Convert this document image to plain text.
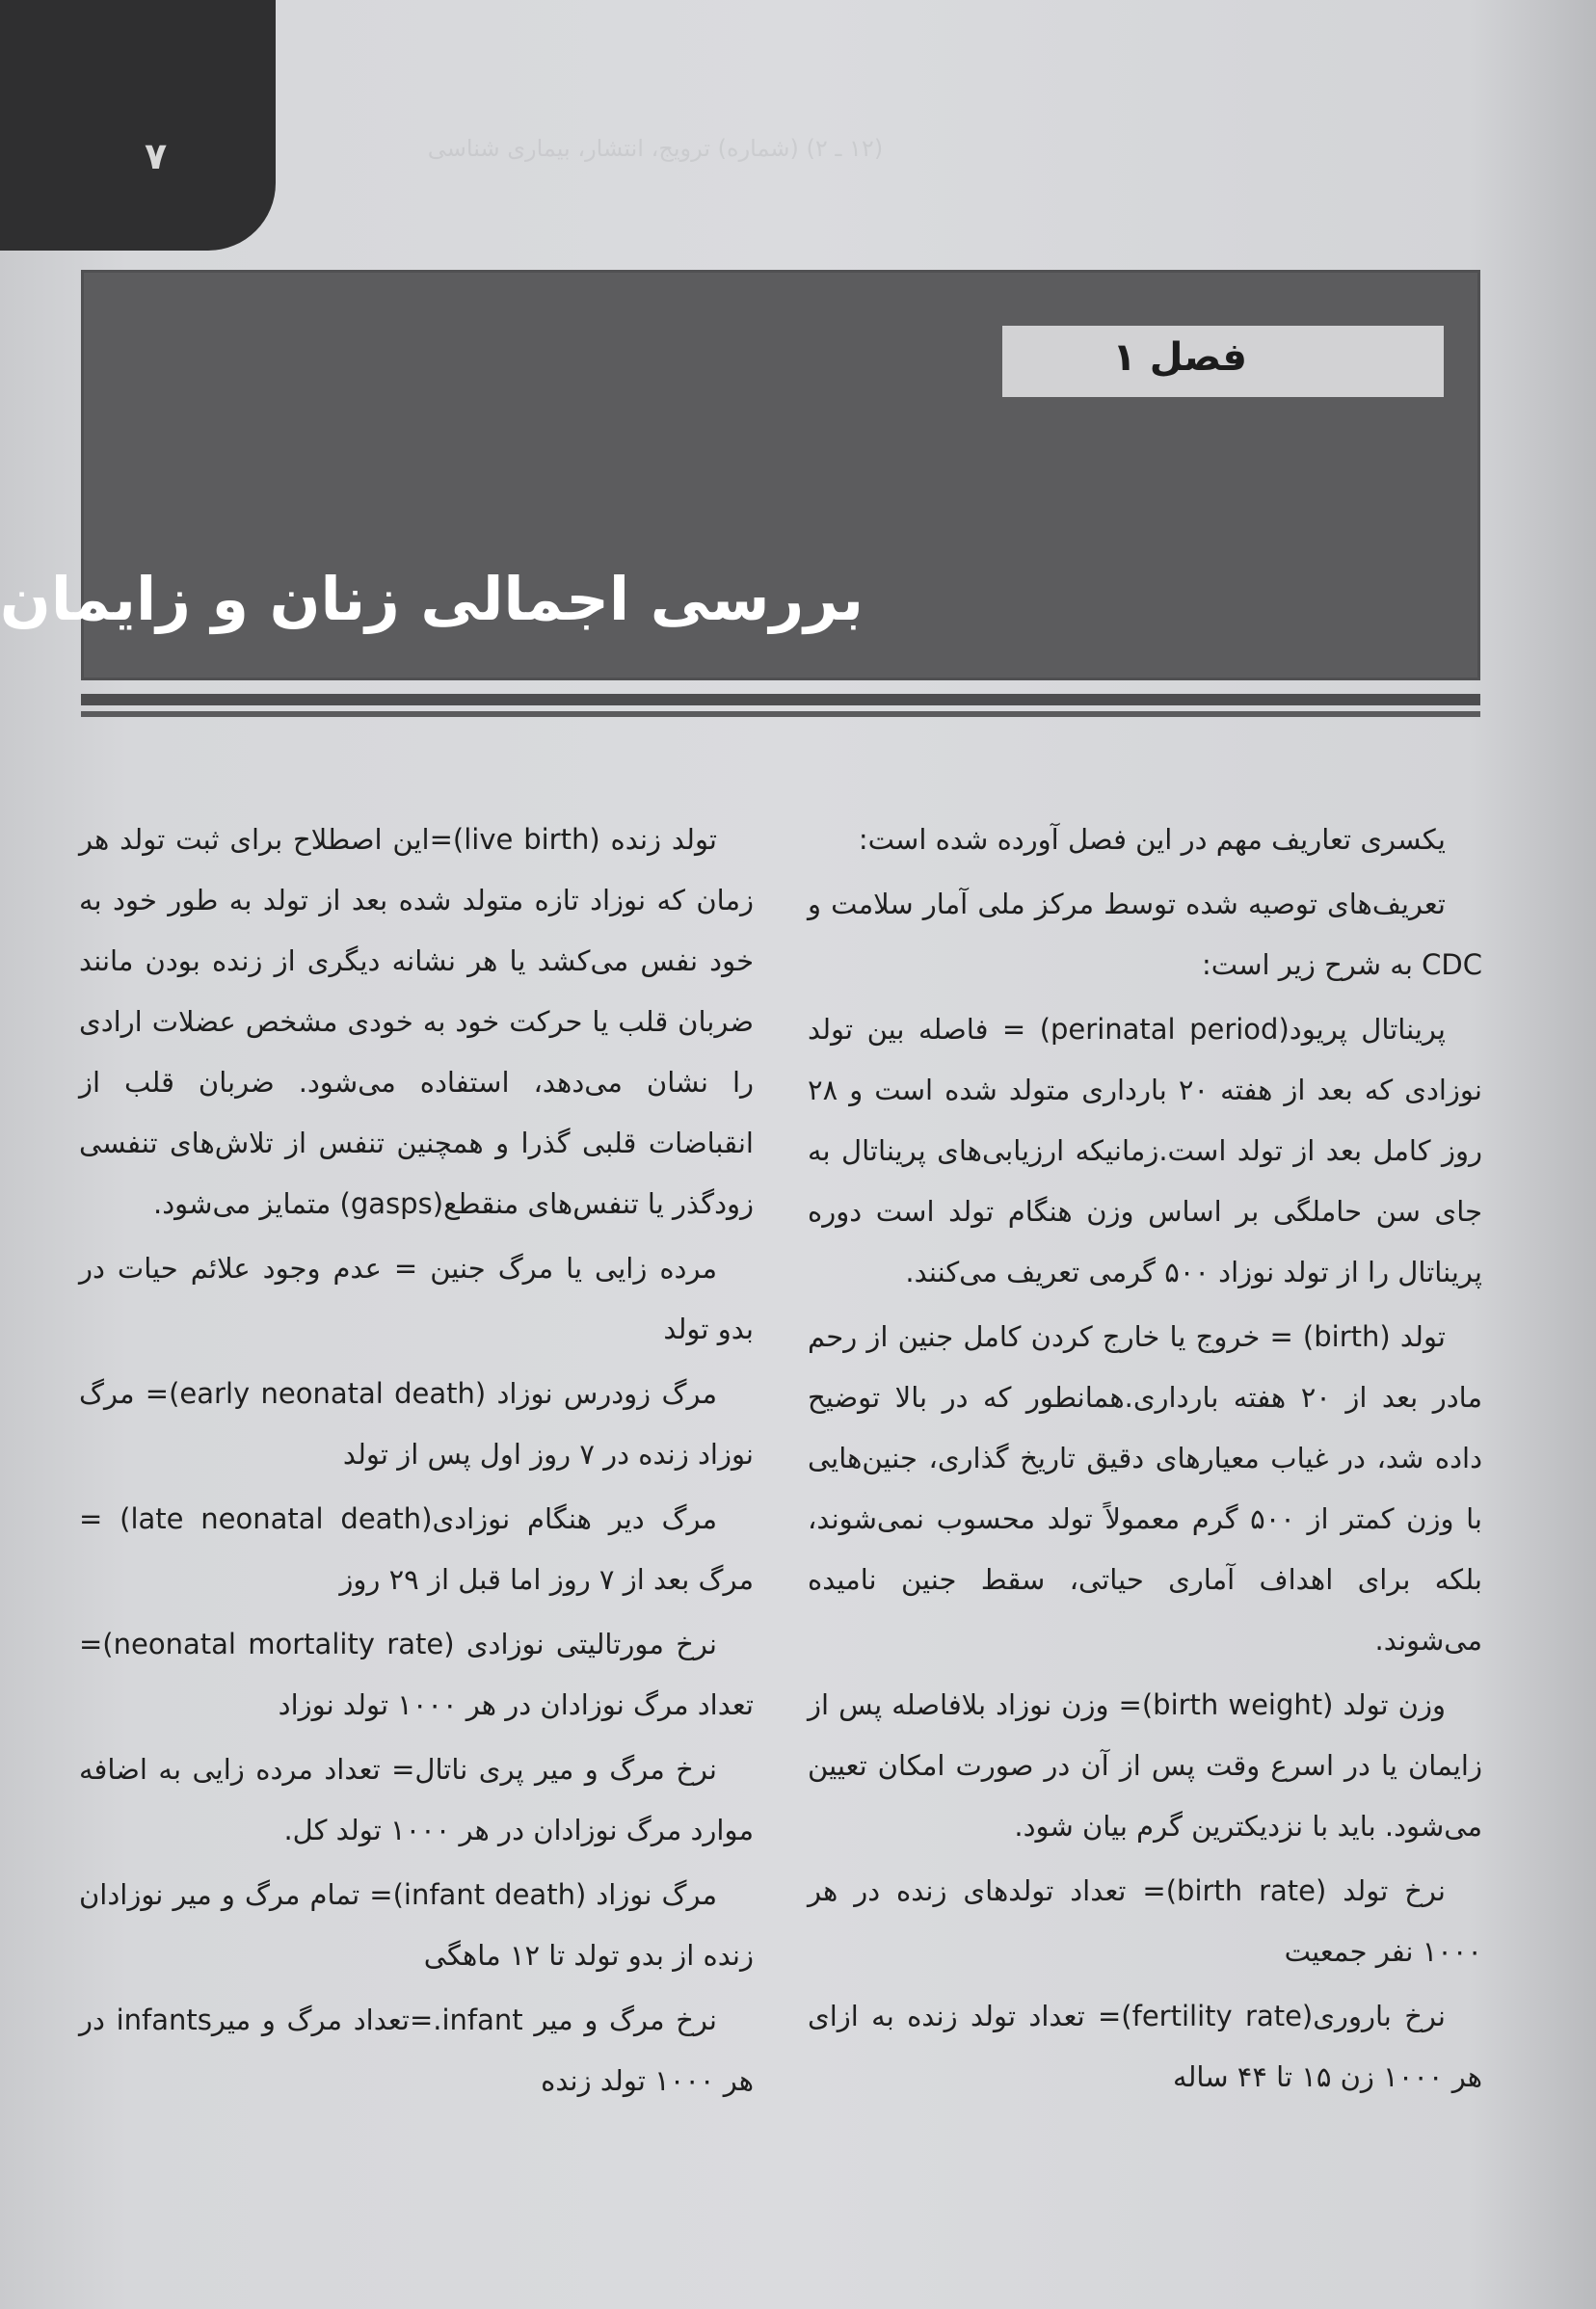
۷	(۱۲ ـ ۲) (شماره) ترویج، انتشار، بیماری شناسی
فصل ۱
بررسی اجمالی زنان و زایمان

یکسری تعاریف مهم در این فصل آورده شده است:

تعریف‌های توصیه شده توسط مرکز ملی آمار سلامت و CDC به شرح زیر است:

پریناتال پریود(perinatal period) = فاصله بین تولد نوزادی که بعد از هفته ۲۰ بارداری متولد شده است و ۲۸ روز کامل بعد از تولد است.زمانیکه ارزیابی‌های پریناتال به جای سن حاملگی بر اساس وزن هنگام تولد است دوره پریناتال را از تولد نوزاد ۵۰۰ گرمی تعریف می‌کنند.

تولد (birth) = خروج یا خارج کردن کامل جنین از رحم مادر بعد از ۲۰ هفته بارداری.همانطور که در بالا توضیح داده شد، در غیاب معیارهای دقیق تاریخ گذاری، جنین‌هایی با وزن کمتر از ۵۰۰ گرم معمولاً تولد محسوب نمی‌شوند، بلکه برای اهداف آماری حیاتی، سقط جنین نامیده می‌شوند.

وزن تولد (birth weight)= وزن نوزاد بلافاصله پس از زایمان یا در اسرع وقت پس از آن در صورت امکان تعیین می‌شود. باید با نزدیکترین گرم بیان شود.

نرخ تولد (birth rate)= تعداد تولدهای زنده در هر ۱۰۰۰ نفر جمعیت

نرخ باروری(fertility rate)= تعداد تولد زنده به ازای هر ۱۰۰۰ زن ۱۵ تا ۴۴ ساله

تولد زنده (live birth)=این اصطلاح برای ثبت تولد هر زمان که نوزاد تازه متولد شده بعد از تولد به طور خود به خود نفس می‌کشد یا هر نشانه دیگری از زنده بودن مانند ضربان قلب یا حرکت خود به خودی مشخص عضلات ارادی را نشان می‌دهد، استفاده می‌شود. ضربان قلب از انقباضات قلبی گذرا و همچنین تنفس از تلاش‌های تنفسی زودگذر یا تنفس‌های منقطع(gasps) متمایز می‌شود.

مرده زایی یا مرگ جنین = عدم وجود علائم حیات در بدو تولد

مرگ زودرس نوزاد (early neonatal death)= مرگ نوزاد زنده در ۷ روز اول پس از تولد

مرگ دیر هنگام نوزادی(late neonatal death) = مرگ بعد از ۷ روز اما قبل از ۲۹ روز

نرخ مورتالیتی نوزادی (neonatal mortality rate)= تعداد مرگ نوزادان در هر ۱۰۰۰ تولد نوزاد

نرخ مرگ و میر پری ناتال= تعداد مرده زایی به اضافه موارد مرگ نوزادان در هر ۱۰۰۰ تولد کل.

مرگ نوزاد (infant death)= تمام مرگ و میر نوزادان زنده از بدو تولد تا ۱۲ ماهگی

نرخ مرگ و میر infant.=تعداد مرگ و میرinfants در هر ۱۰۰۰ تولد زنده
